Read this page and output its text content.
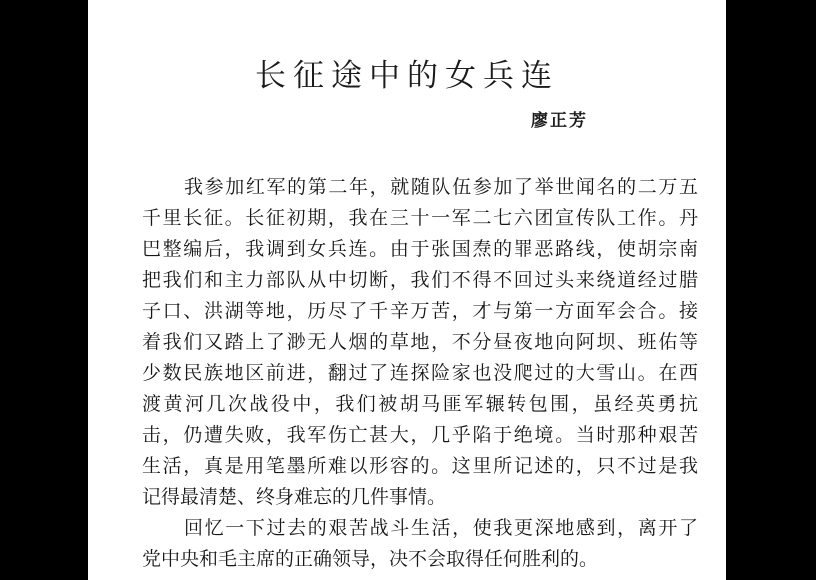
长征途中的女兵连
廖正芳
我参加红军的第二年，就随队伍参加了举世闻名的二万五
千里长征。长征初期，我在三十一军二七六团宣传队工作。丹
巴整编后，我调到女兵连。由于张国焘的罪恶路线，使胡宗南
把我们和主力部队从中切断，我们不得不回过头来绕道经过腊
子口、洪湖等地，历尽了千辛万苦，才与第一方面军会合。接
着我们又踏上了渺无人烟的草地，不分昼夜地向阿坝、班佑等
少数民族地区前进，翻过了连探险家也没爬过的大雪山。在西
渡黄河几次战役中，我们被胡马匪军辗转包围，虽经英勇抗
击，仍遭失败，我军伤亡甚大，几乎陷于绝境。当时那种艰苦
生活，真是用笔墨所难以形容的。这里所记述的，只不过是我
记得最清楚、终身难忘的几件事情。
回忆一下过去的艰苦战斗生活，使我更深地感到，离开了
党中央和毛主席的正确领导，决不会取得任何胜利的。
